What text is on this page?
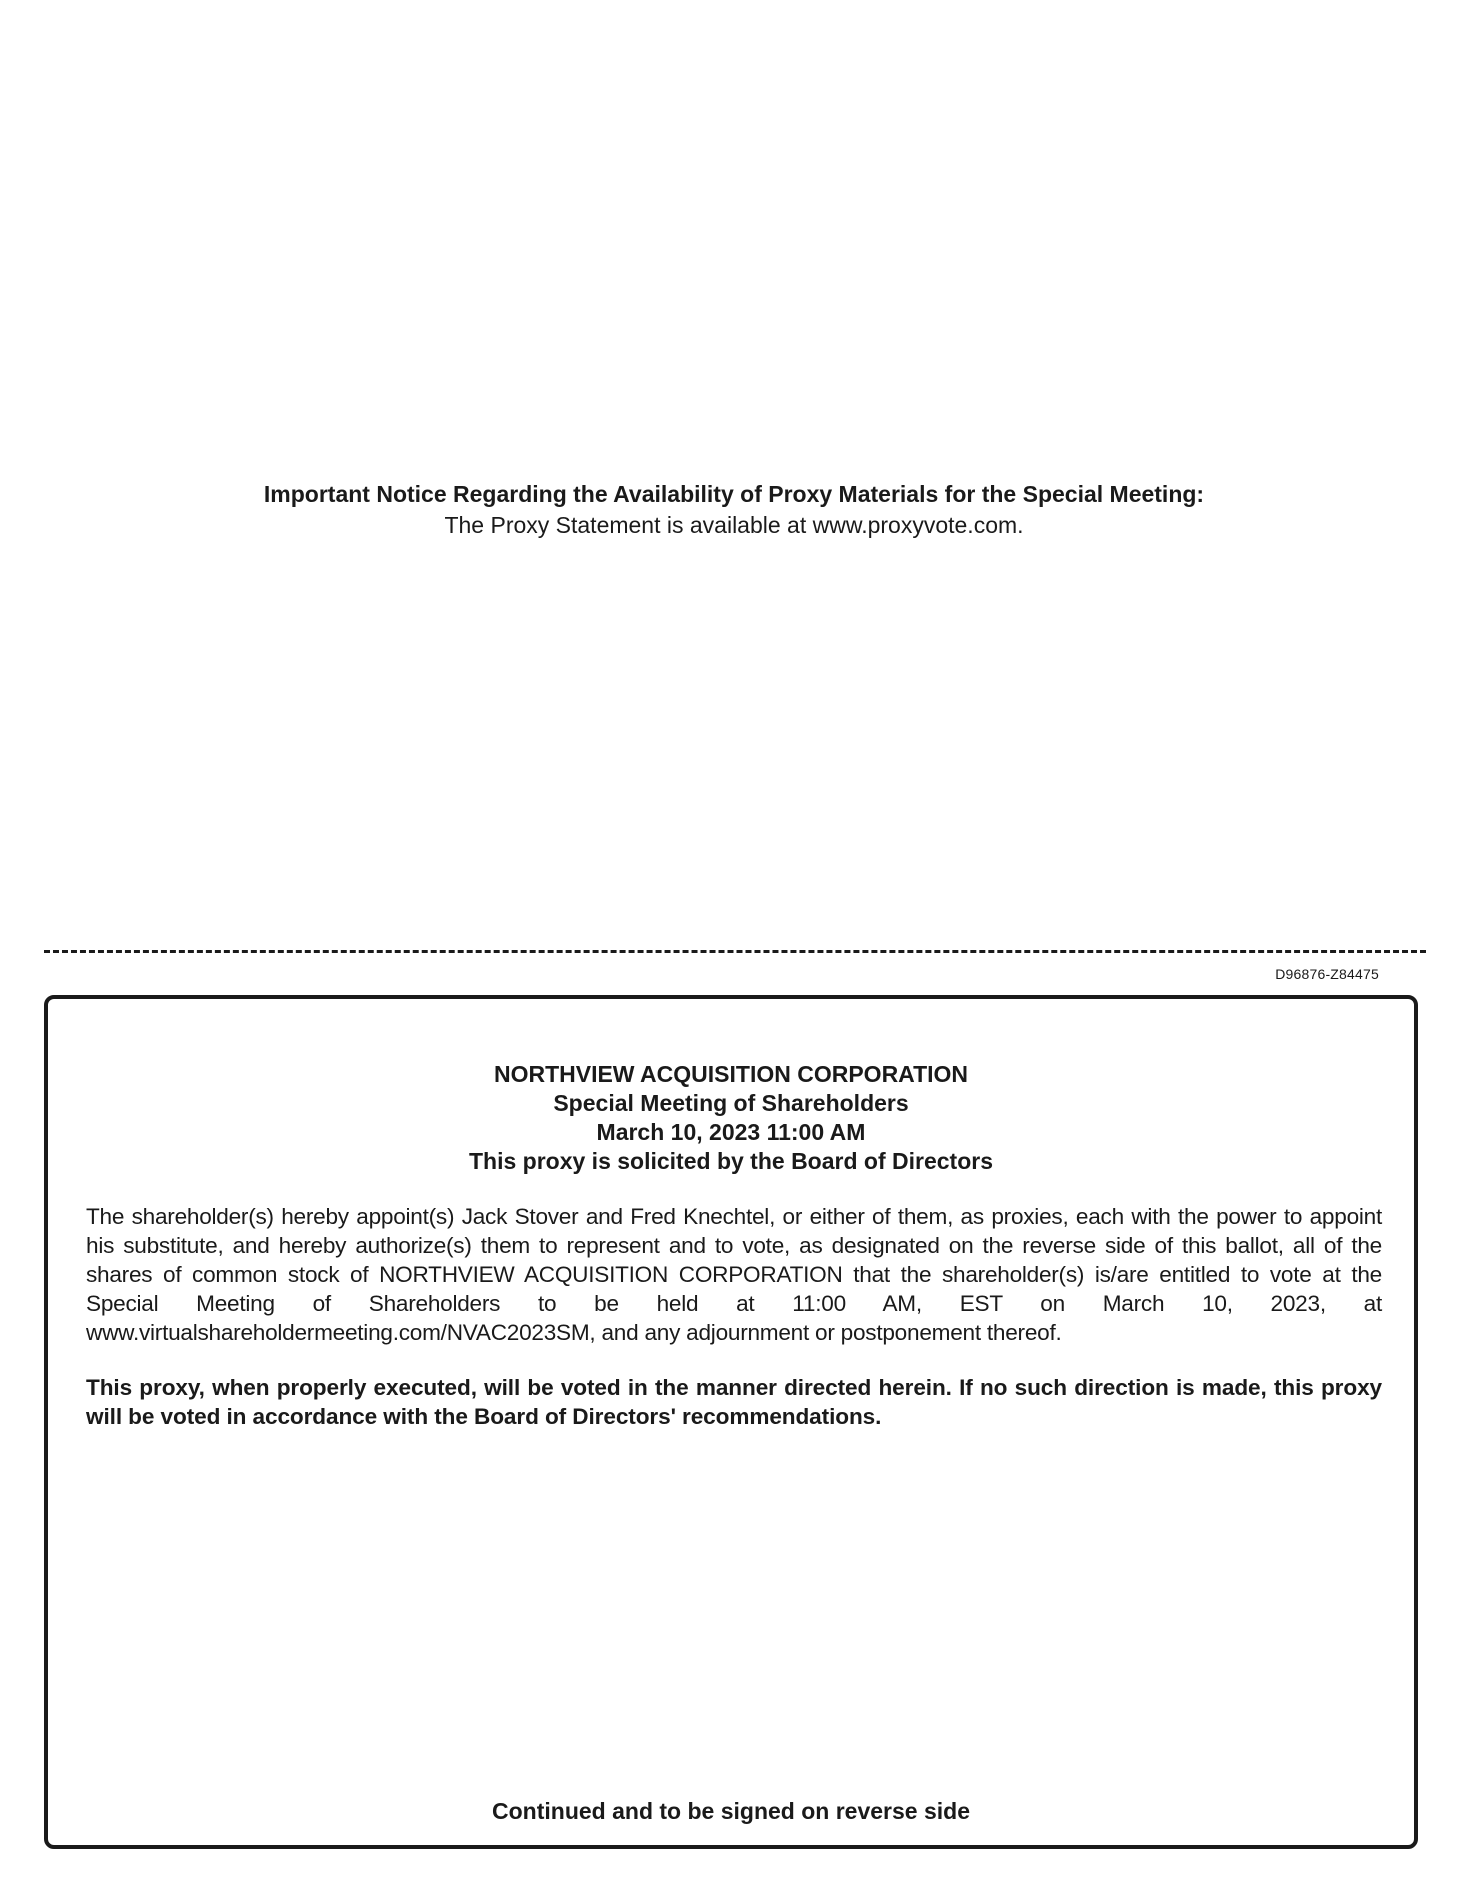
Important Notice Regarding the Availability of Proxy Materials for the Special Meeting:
The Proxy Statement is available at www.proxyvote.com.
D96876-Z84475
NORTHVIEW ACQUISITION CORPORATION
Special Meeting of Shareholders
March 10, 2023 11:00 AM
This proxy is solicited by the Board of Directors

The shareholder(s) hereby appoint(s) Jack Stover and Fred Knechtel, or either of them, as proxies, each with the power to appoint his substitute, and hereby authorize(s) them to represent and to vote, as designated on the reverse side of this ballot, all of the shares of common stock of NORTHVIEW ACQUISITION CORPORATION that the shareholder(s) is/are entitled to vote at the Special Meeting of Shareholders to be held at 11:00 AM, EST on March 10, 2023, at www.virtualshareholdermeeting.com/NVAC2023SM, and any adjournment or postponement thereof.

This proxy, when properly executed, will be voted in the manner directed herein. If no such direction is made, this proxy will be voted in accordance with the Board of Directors' recommendations.

Continued and to be signed on reverse side
